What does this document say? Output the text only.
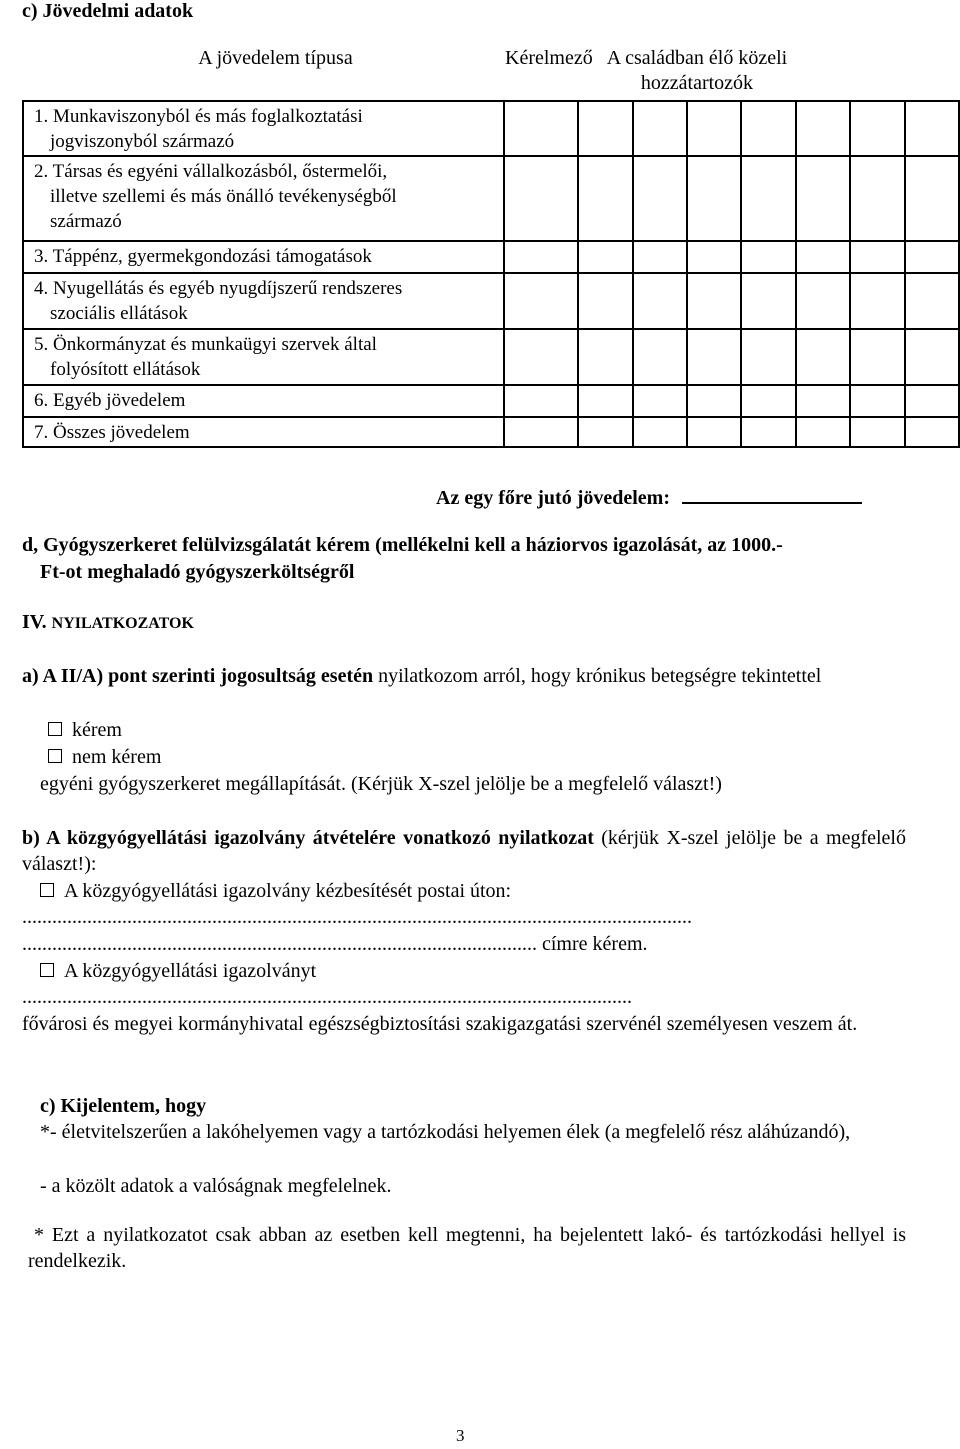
c) Jövedelmi adatok
A jövedelem típusa	Kérelmező	A családban élő közeli
hozzátartozók
1. Munkaviszonyból és más foglalkoztatási
jogviszonyból származó								

2. Társas és egyéni vállalkozásból, őstermelői,
illetve szellemi és más önálló tevékenységből
származó								

3. Táppénz, gyermekgondozási támogatások								

4. Nyugellátás és egyéb nyugdíjszerű rendszeres
szociális ellátások								

5. Önkormányzat és munkaügyi szervek által
folyósított ellátások								

6. Egyéb jövedelem								

7. Összes jövedelem								

Az egy főre jutó jövedelem:
d, Gyógyszerkeret felülvizsgálatát kérem (mellékelni kell a háziorvos igazolását, az 1000.-
Ft-ot meghaladó gyógyszerköltségről
IV. NYILATKOZATOK
a) A II/A) pont szerinti jogosultság esetén nyilatkozom arról, hogy krónikus betegségre tekintettel
kérem
nem kérem
egyéni gyógyszerkeret megállapítását. (Kérjük X-szel jelölje be a megfelelő választ!)
b) A közgyógyellátási igazolvány átvételére vonatkozó nyilatkozat (kérjük X-szel jelölje be a megfelelő választ!):
A közgyógyellátási igazolvány kézbesítését postai úton:
......................................................................................................................................
....................................................................................................... címre kérem.
A közgyógyellátási igazolványt
..........................................................................................................................
fővárosi és megyei kormányhivatal egészségbiztosítási szakigazgatási szervénél személyesen veszem át.
c) Kijelentem, hogy
*- életvitelszerűen a lakóhelyemen vagy a tartózkodási helyemen élek (a megfelelő rész aláhúzandó),
- a közölt adatok a valóságnak megfelelnek.
* Ezt a nyilatkozatot csak abban az esetben kell megtenni, ha bejelentett lakó- és tartózkodási hellyel is rendelkezik.
3
